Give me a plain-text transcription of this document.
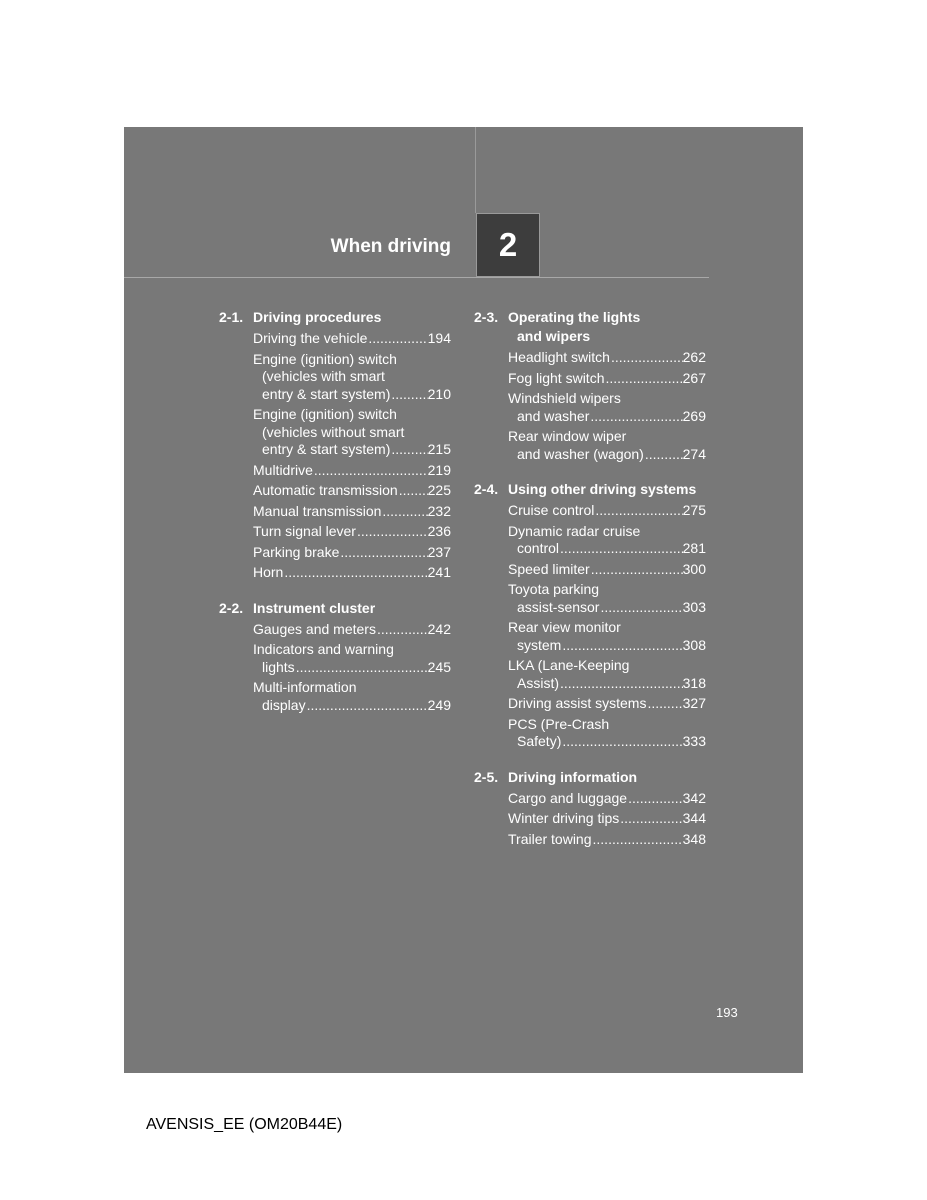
When driving 2
2-1. Driving procedures
Driving the vehicle .....	194
Engine (ignition) switch
(vehicles with smart
entry & start system) .....	210
Engine (ignition) switch
(vehicles without smart
entry & start system) .....	215
Multidrive .....	219
Automatic transmission ..... 225
Manual transmission .....	232
Turn signal lever .....	236
Parking brake .....	237
Horn .....	241
2-2. Instrument cluster
Gauges and meters .....	242
Indicators and warning
lights .....	245
Multi-information
display .....	249
2-3. Operating the lights
and wipers
Headlight switch .....	262
Fog light switch .....	267
Windshield wipers
and washer .....	269
Rear window wiper
and washer (wagon) .....	274
2-4. Using other driving systems
Cruise control .....	275
Dynamic radar cruise
control .....	281
Speed limiter .....	300
Toyota parking
assist-sensor .....	303
Rear view monitor
system .....	308
LKA (Lane-Keeping
Assist) .....	318
Driving assist systems .....	327
PCS (Pre-Crash
Safety) .....	333
2-5. Driving information
Cargo and luggage .....	342
Winter driving tips .....	344
Trailer towing .....	348
193
AVENSIS_EE (OM20B44E)
